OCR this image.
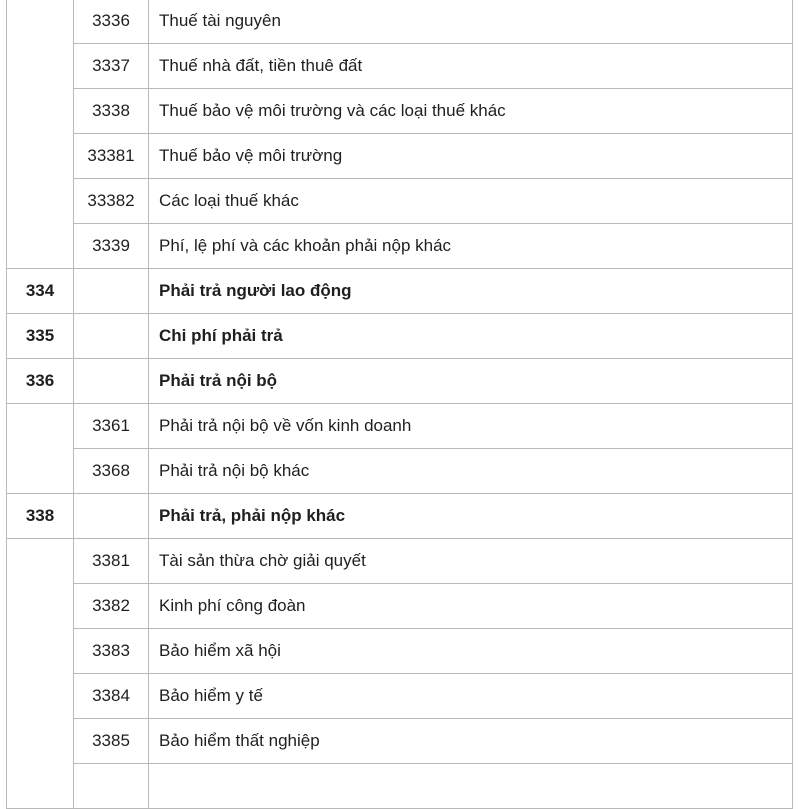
	3336	Thuế tài nguyên
	3337	Thuế nhà đất, tiền thuê đất
	3338	Thuế bảo vệ môi trường và các loại thuế khác
	33381	Thuế bảo vệ môi trường
	33382	Các loại thuế khác
	3339	Phí, lệ phí và các khoản phải nộp khác
334		Phải trả người lao động
335		Chi phí phải trả
336		Phải trả nội bộ
	3361	Phải trả nội bộ về vốn kinh doanh
	3368	Phải trả nội bộ khác
338		Phải trả, phải nộp khác
	3381	Tài sản thừa chờ giải quyết
	3382	Kinh phí công đoàn
	3383	Bảo hiểm xã hội
	3384	Bảo hiểm y tế
	3385	Bảo hiểm thất nghiệp
